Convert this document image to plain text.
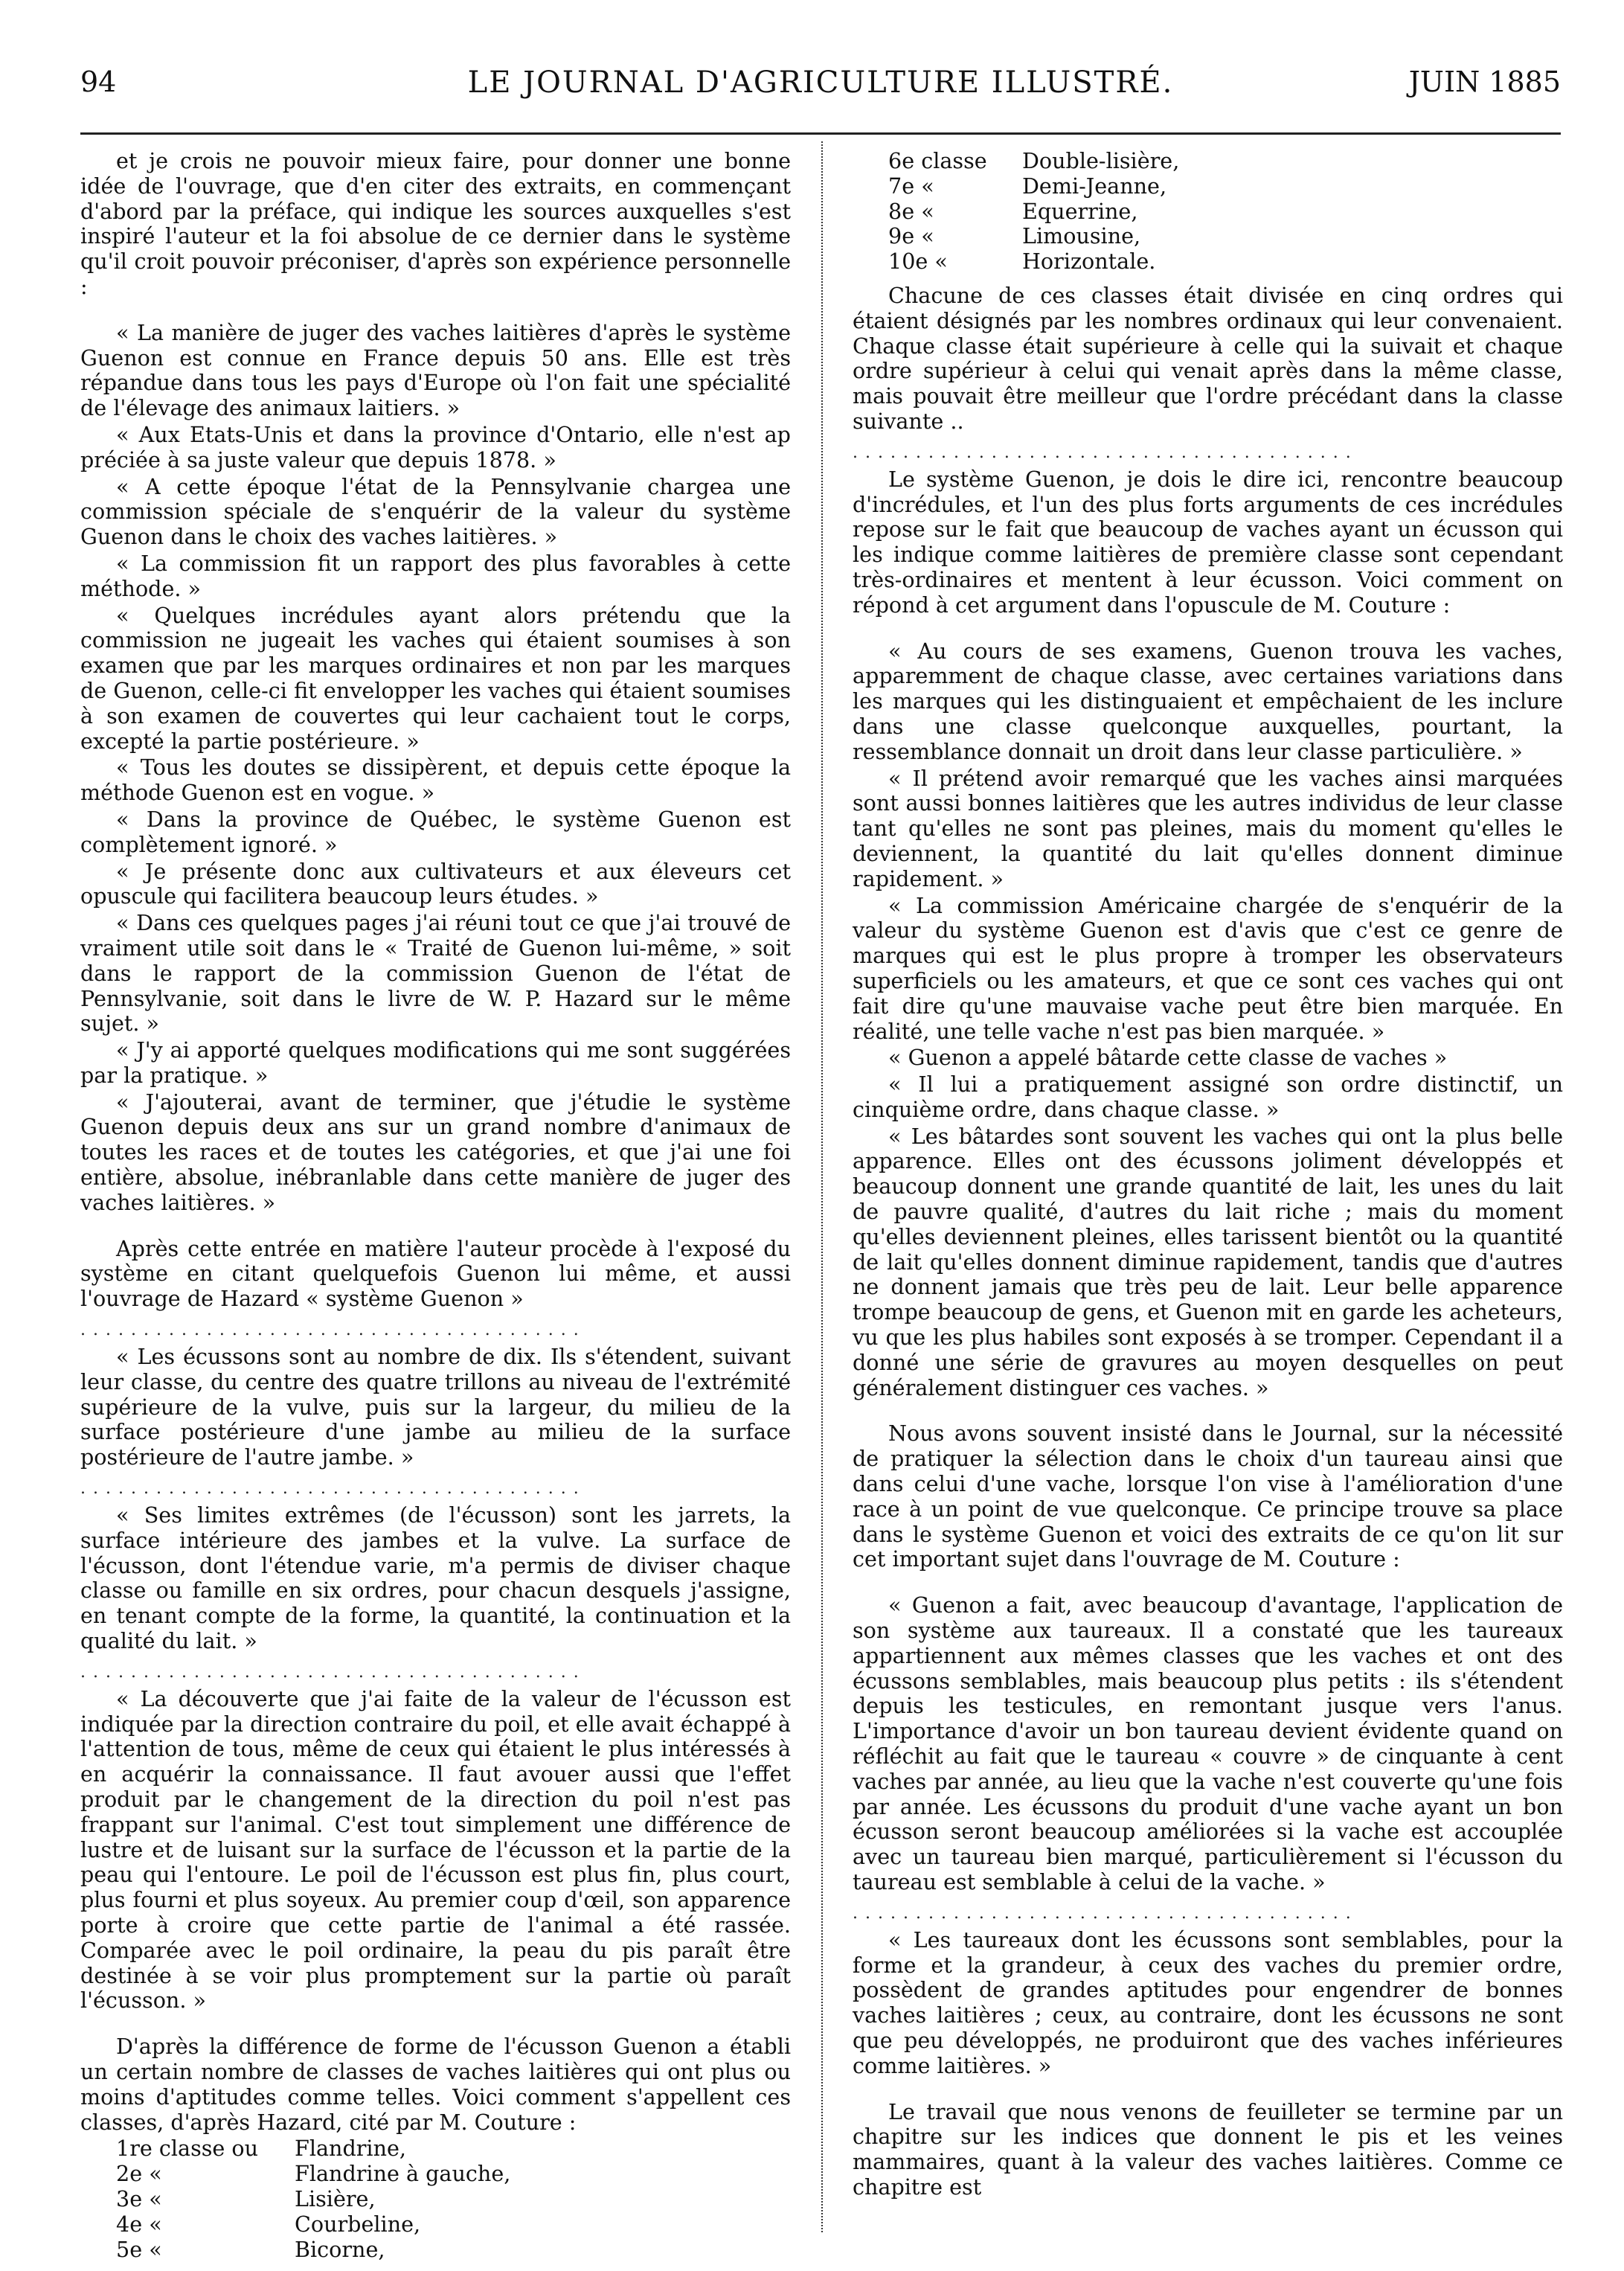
94	LE JOURNAL D'AGRICULTURE ILLUSTRÉ.	JUIN 1885

et je crois ne pouvoir mieux faire, pour donner une bonne idée de l'ouvrage, que d'en citer des extraits, en commençant d'abord par la préface, qui indique les sources auxquelles s'est inspiré l'auteur et la foi absolue de ce dernier dans le système qu'il croit pouvoir préconiser, d'après son expérience personnelle :

« La manière de juger des vaches laitières d'après le système Guenon est connue en France depuis 50 ans. Elle est très répandue dans tous les pays d'Europe où l'on fait une spécialité de l'élevage des animaux laitiers. »

« Aux Etats-Unis et dans la province d'Ontario, elle n'est ap préciée à sa juste valeur que depuis 1878. »

« A cette époque l'état de la Pennsylvanie chargea une commission spéciale de s'enquérir de la valeur du système Guenon dans le choix des vaches laitières. »

« La commission fit un rapport des plus favorables à cette méthode. »

« Quelques incrédules ayant alors prétendu que la commission ne jugeait les vaches qui étaient soumises à son examen que par les marques ordinaires et non par les marques de Guenon, celle-ci fit envelopper les vaches qui étaient soumises à son examen de couvertes qui leur cachaient tout le corps, excepté la partie postérieure. »

« Tous les doutes se dissipèrent, et depuis cette époque la méthode Guenon est en vogue. »

« Dans la province de Québec, le système Guenon est complètement ignoré. »

« Je présente donc aux cultivateurs et aux éleveurs cet opuscule qui facilitera beaucoup leurs études. »

« Dans ces quelques pages j'ai réuni tout ce que j'ai trouvé de vraiment utile soit dans le « Traité de Guenon lui-même, » soit dans le rapport de la commission Guenon de l'état de Pennsylvanie, soit dans le livre de W. P. Hazard sur le même sujet. »

« J'y ai apporté quelques modifications qui me sont suggérées par la pratique. »

« J'ajouterai, avant de terminer, que j'étudie le système Guenon depuis deux ans sur un grand nombre d'animaux de toutes les races et de toutes les catégories, et que j'ai une foi entière, absolue, inébranlable dans cette manière de juger des vaches laitières. »

Après cette entrée en matière l'auteur procède à l'exposé du système en citant quelquefois Guenon lui même, et aussi l'ouvrage de Hazard « système Guenon »

........................................

« Les écussons sont au nombre de dix. Ils s'étendent, suivant leur classe, du centre des quatre trillons au niveau de l'extrémité supérieure de la vulve, puis sur la largeur, du milieu de la surface postérieure d'une jambe au milieu de la surface postérieure de l'autre jambe. »

........................................

« Ses limites extrêmes (de l'écusson) sont les jarrets, la surface intérieure des jambes et la vulve. La surface de l'écusson, dont l'étendue varie, m'a permis de diviser chaque classe ou famille en six ordres, pour chacun desquels j'assigne, en tenant compte de la forme, la quantité, la continuation et la qualité du lait. »

........................................

« La découverte que j'ai faite de la valeur de l'écusson est indiquée par la direction contraire du poil, et elle avait échappé à l'attention de tous, même de ceux qui étaient le plus intéressés à en acquérir la connaissance. Il faut avouer aussi que l'effet produit par le changement de la direction du poil n'est pas frappant sur l'animal. C'est tout simplement une différence de lustre et de luisant sur la surface de l'écusson et la partie de la peau qui l'entoure. Le poil de l'écusson est plus fin, plus court, plus fourni et plus soyeux. Au premier coup d'œil, son apparence porte à croire que cette partie de l'animal a été rassée. Comparée avec le poil ordinaire, la peau du pis paraît être destinée à se voir plus promptement sur la partie où paraît l'écusson. »

D'après la différence de forme de l'écusson Guenon a établi un certain nombre de classes de vaches laitières qui ont plus ou moins d'aptitudes comme telles. Voici comment s'appellent ces classes, d'après Hazard, cité par M. Couture :

1re classe ou Flandrine,
2e «	Flandrine à gauche,
3e «	Lisière,
4e «	Courbeline,
5e «	Bicorne,
6e classe Double-lisière,
7e «	Demi-Jeanne,
8e «	Equerrine,
9e «	Limousine,
10e «	Horizontale.

Chacune de ces classes était divisée en cinq ordres qui étaient désignés par les nombres ordinaux qui leur convenaient. Chaque classe était supérieure à celle qui la suivait et chaque ordre supérieur à celui qui venait après dans la même classe, mais pouvait être meilleur que l'ordre précédant dans la classe suivante ..

........................................

Le système Guenon, je dois le dire ici, rencontre beaucoup d'incrédules, et l'un des plus forts arguments de ces incrédules repose sur le fait que beaucoup de vaches ayant un écusson qui les indique comme laitières de première classe sont cependant très-ordinaires et mentent à leur écusson. Voici comment on répond à cet argument dans l'opuscule de M. Couture :

« Au cours de ses examens, Guenon trouva les vaches, apparemment de chaque classe, avec certaines variations dans les marques qui les distinguaient et empêchaient de les inclure dans une classe quelconque auxquelles, pourtant, la ressemblance donnait un droit dans leur classe particulière. »

« Il prétend avoir remarqué que les vaches ainsi marquées sont aussi bonnes laitières que les autres individus de leur classe tant qu'elles ne sont pas pleines, mais du moment qu'elles le deviennent, la quantité du lait qu'elles donnent diminue rapidement. »

« La commission Américaine chargée de s'enquérir de la valeur du système Guenon est d'avis que c'est ce genre de marques qui est le plus propre à tromper les observateurs superficiels ou les amateurs, et que ce sont ces vaches qui ont fait dire qu'une mauvaise vache peut être bien marquée. En réalité, une telle vache n'est pas bien marquée. »

« Guenon a appelé bâtarde cette classe de vaches »

« Il lui a pratiquement assigné son ordre distinctif, un cinquième ordre, dans chaque classe. »

« Les bâtardes sont souvent les vaches qui ont la plus belle apparence. Elles ont des écussons joliment développés et beaucoup donnent une grande quantité de lait, les unes du lait de pauvre qualité, d'autres du lait riche ; mais du moment qu'elles deviennent pleines, elles tarissent bientôt ou la quantité de lait qu'elles donnent diminue rapidement, tandis que d'autres ne donnent jamais que très peu de lait. Leur belle apparence trompe beaucoup de gens, et Guenon mit en garde les acheteurs, vu que les plus habiles sont exposés à se tromper. Cependant il a donné une série de gravures au moyen desquelles on peut généralement distinguer ces vaches. »

Nous avons souvent insisté dans le Journal, sur la nécessité de pratiquer la sélection dans le choix d'un taureau ainsi que dans celui d'une vache, lorsque l'on vise à l'amélioration d'une race à un point de vue quelconque. Ce principe trouve sa place dans le système Guenon et voici des extraits de ce qu'on lit sur cet important sujet dans l'ouvrage de M. Couture :

« Guenon a fait, avec beaucoup d'avantage, l'application de son système aux taureaux. Il a constaté que les taureaux appartiennent aux mêmes classes que les vaches et ont des écussons semblables, mais beaucoup plus petits : ils s'étendent depuis les testicules, en remontant jusque vers l'anus. L'importance d'avoir un bon taureau devient évidente quand on réfléchit au fait que le taureau « couvre » de cinquante à cent vaches par année, au lieu que la vache n'est couverte qu'une fois par année. Les écussons du produit d'une vache ayant un bon écusson seront beaucoup améliorées si la vache est accouplée avec un taureau bien marqué, particulièrement si l'écusson du taureau est semblable à celui de la vache. »

........................................

« Les taureaux dont les écussons sont semblables, pour la forme et la grandeur, à ceux des vaches du premier ordre, possèdent de grandes aptitudes pour engendrer de bonnes vaches laitières ; ceux, au contraire, dont les écussons ne sont que peu développés, ne produiront que des vaches inférieures comme laitières. »

Le travail que nous venons de feuilleter se termine par un chapitre sur les indices que donnent le pis et les veines mammaires, quant à la valeur des vaches laitières. Comme ce chapitre est
